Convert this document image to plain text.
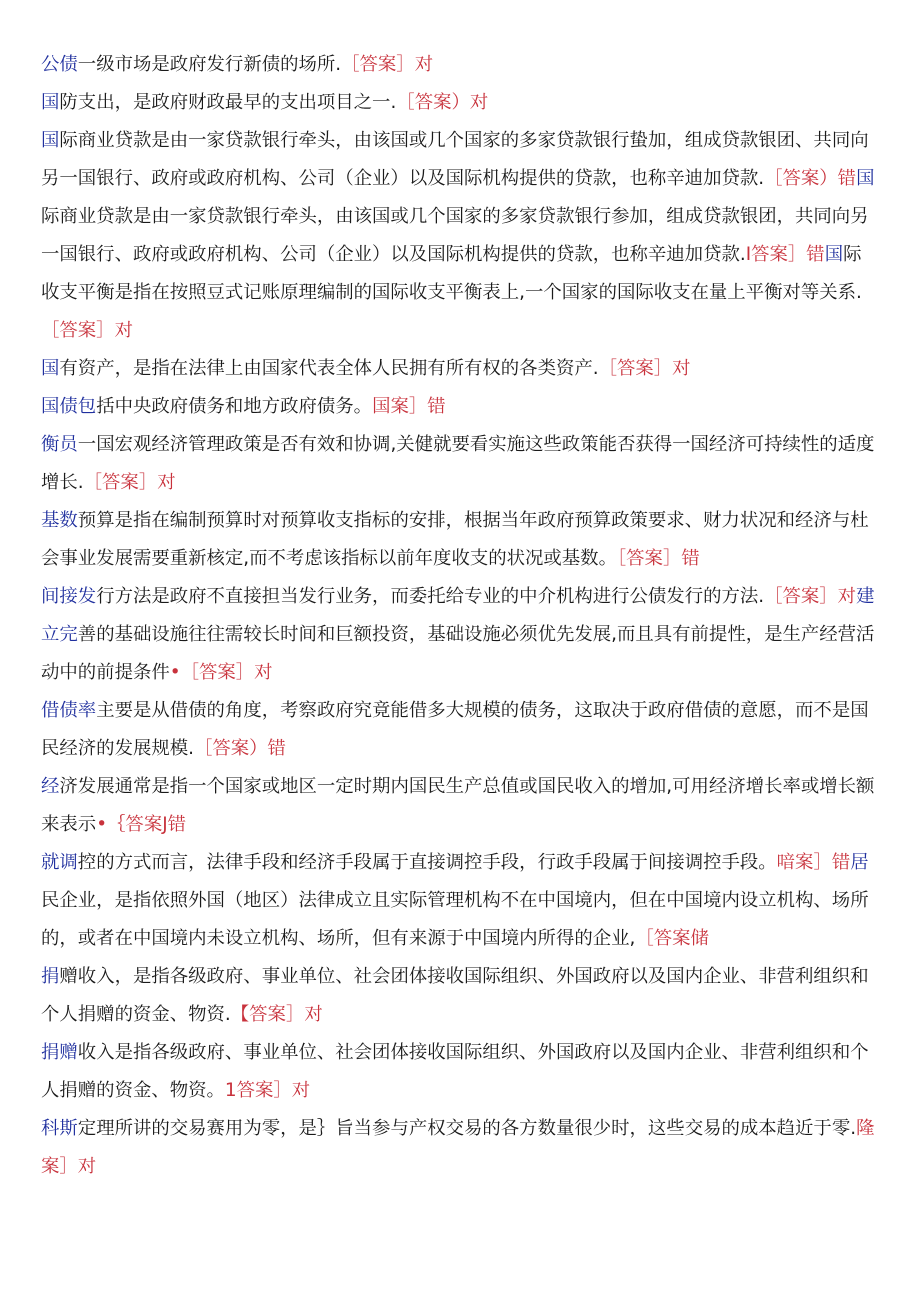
公债一级市场是政府发行新债的场所.［答案］对
国防支出，是政府财政最早的支出项目之一.［答案）对
国际商业贷款是由一家贷款银行牵头，由该国或几个国家的多家贷款银行蛰加，组成贷款银团、共同向
另一国银行、政府或政府机构、公司（企业）以及国际机构提供的贷款，也称辛迪加贷款.［答案）错国
际商业贷款是由一家贷款银行牵头，由该国或几个国家的多家贷款银行参加，组成贷款银团，共同向另
一国银行、政府或政府机构、公司（企业）以及国际机构提供的贷款，也称辛迪加贷款.I答案］错国际
收支平衡是指在按照豆式记账原理编制的国际收支平衡表上,一个国家的国际收支在量上平衡对等关系.
［答案］对
国有资产，是指在法律上由国家代表全体人民拥有所有权的各类资产.［答案］对
国债包括中央政府债务和地方政府债务。国案］错
衡员一国宏观经济管理政策是否有效和协调,关健就要看实施这些政策能否获得一国经济可持续性的适度
增长.［答案］对
基数预算是指在编制预算时对预算收支指标的安排，根据当年政府预算政策要求、财力状况和经济与杜
会事业发展需要重新核定,而不考虑该指标以前年度收支的状况或基数。［答案］错
间接发行方法是政府不直接担当发行业务，而委托给专业的中介机构进行公债发行的方法.［答案］对建
立完善的基础设施往往需较长时间和巨额投资，基础设施必须优先发展,而且具有前提性，是生产经营活
动中的前提条件•［答案］对
借债率主要是从借债的角度，考察政府究竟能借多大规模的债务，这取决于政府借债的意愿，而不是国
民经济的发展规模.［答案）错
经济发展通常是指一个国家或地区一定时期内国民生产总值或国民收入的增加,可用经济增长率或增长额
来表示•｛答案J错
就调控的方式而言，法律手段和经济手段属于直接调控手段，行政手段属于间接调控手段。喑案］错居
民企业，是指依照外国（地区）法律成立且实际管理机构不在中国境内，但在中国境内设立机构、场所
的，或者在中国境内未设立机构、场所，但有来源于中国境内所得的企业,［答案储
捐赠收入，是指各级政府、事业单位、社会团体接收国际组织、外国政府以及国内企业、非营利组织和
个人捐赠的资金、物资.【答案］对
捐赠收入是指各级政府、事业单位、社会团体接收国际组织、外国政府以及国内企业、非营利组织和个
人捐赠的资金、物资。1答案］对
科斯定理所讲的交易赛用为零，是｝旨当参与产权交易的各方数量很少时，这些交易的成本趋近于零.隆
案］对
